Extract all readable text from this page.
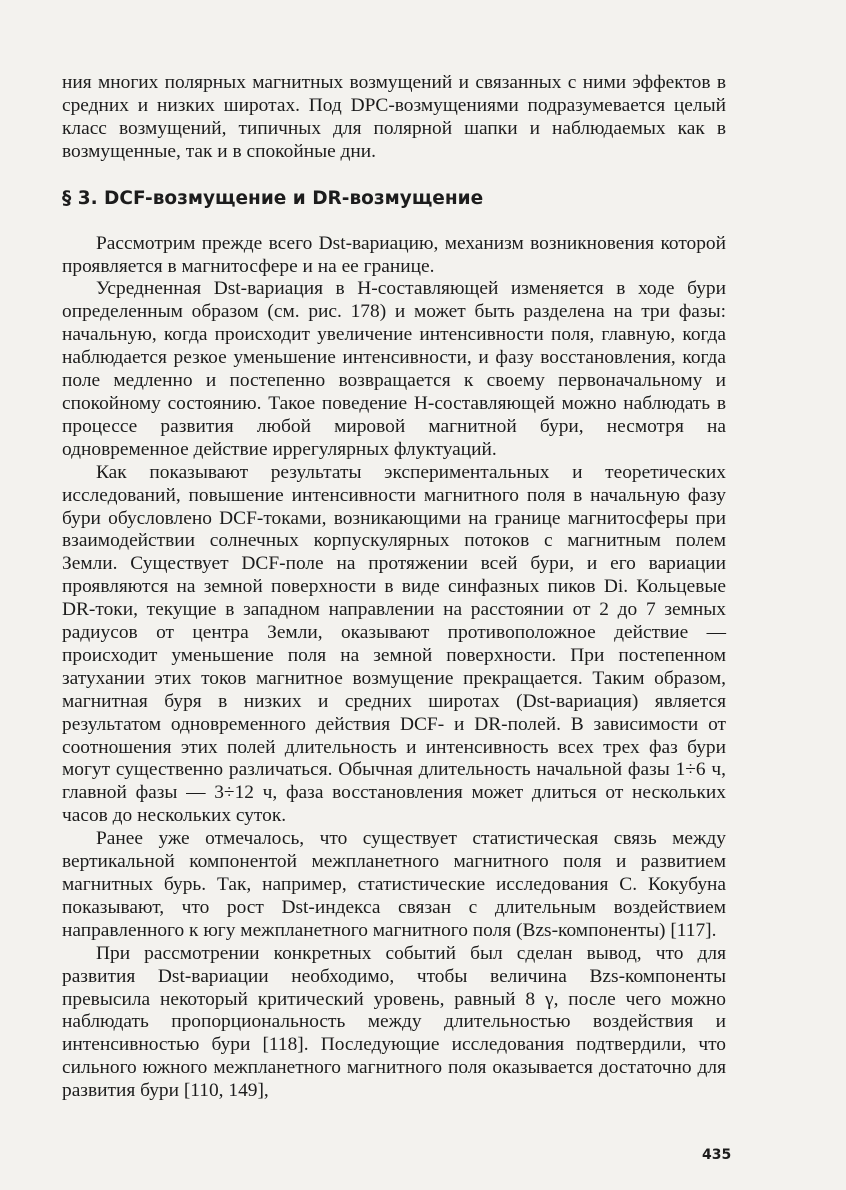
ния многих полярных магнитных возмущений и связанных с ними эффектов в средних и низких широтах. Под DPC-возмущениями подразумевается целый класс возмущений, типичных для полярной шапки и наблюдаемых как в возмущенные, так и в спокойные дни.

§ 3. DCF-возмущение и DR-возмущение

Рассмотрим прежде всего Dst-вариацию, механизм возникновения которой проявляется в магнитосфере и на ее границе.

Усредненная Dst-вариация в H-составляющей изменяется в ходе бури определенным образом (см. рис. 178) и может быть разделена на три фазы: начальную, когда происходит увеличение интенсивности поля, главную, когда наблюдается резкое уменьшение интенсивности, и фазу восстановления, когда поле медленно и постепенно возвращается к своему первоначальному и спокойному состоянию. Такое поведение H-составляющей можно наблюдать в процессе развития любой мировой магнитной бури, несмотря на одновременное действие иррегулярных флуктуаций.

Как показывают результаты экспериментальных и теоретических исследований, повышение интенсивности магнитного поля в начальную фазу бури обусловлено DCF-токами, возникающими на границе магнитосферы при взаимодействии солнечных корпускулярных потоков с магнитным полем Земли. Существует DCF-поле на протяжении всей бури, и его вариации проявляются на земной поверхности в виде синфазных пиков Di. Кольцевые DR-токи, текущие в западном направлении на расстоянии от 2 до 7 земных радиусов от центра Земли, оказывают противоположное действие — происходит уменьшение поля на земной поверхности. При постепенном затухании этих токов магнитное возмущение прекращается. Таким образом, магнитная буря в низких и средних широтах (Dst-вариация) является результатом одновременного действия DCF- и DR-полей. В зависимости от соотношения этих полей длительность и интенсивность всех трех фаз бури могут существенно различаться. Обычная длительность начальной фазы 1÷6 ч, главной фазы — 3÷12 ч, фаза восстановления может длиться от нескольких часов до нескольких суток.

Ранее уже отмечалось, что существует статистическая связь между вертикальной компонентой межпланетного магнитного поля и развитием магнитных бурь. Так, например, статистические исследования С. Кокубуна показывают, что рост Dst-индекса связан с длительным воздействием направленного к югу межпланетного магнитного поля (Bzs-компоненты) [117].

При рассмотрении конкретных событий был сделан вывод, что для развития Dst-вариации необходимо, чтобы величина Bzs-компоненты превысила некоторый критический уровень, равный 8 γ, после чего можно наблюдать пропорциональность между длительностью воздействия и интенсивностью бури [118]. Последующие исследования подтвердили, что сильного южного межпланетного магнитного поля оказывается достаточно для развития бури [110, 149],

435
